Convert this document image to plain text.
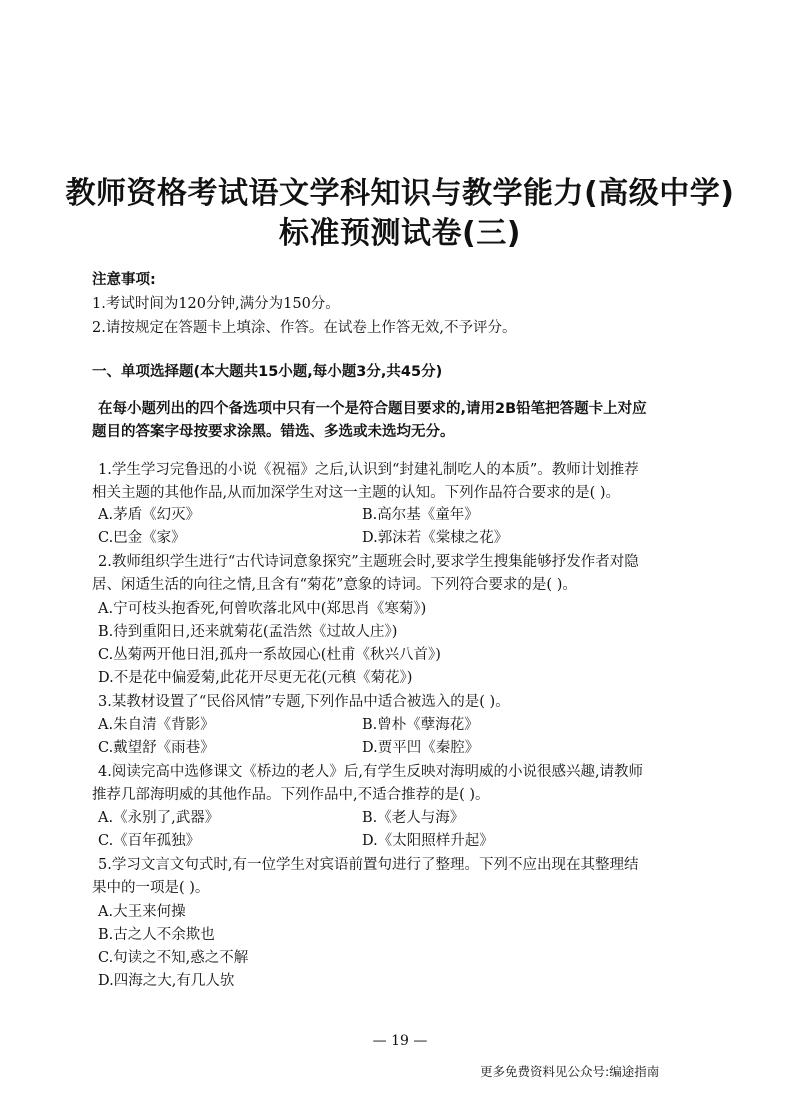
教师资格考试语文学科知识与教学能力(高级中学)
标准预测试卷(三)
注意事项:
1.考试时间为120分钟,满分为150分。
2.请按规定在答题卡上填涂、作答。在试卷上作答无效,不予评分。
一、单项选择题(本大题共15小题,每小题3分,共45分)
在每小题列出的四个备选项中只有一个是符合题目要求的,请用2B铅笔把答题卡上对应
题目的答案字母按要求涂黑。错选、多选或未选均无分。
1.学生学习完鲁迅的小说《祝福》之后,认识到“封建礼制吃人的本质”。教师计划推荐
相关主题的其他作品,从而加深学生对这一主题的认知。下列作品符合要求的是( )。
A.茅盾《幻灭》	B.高尔基《童年》
C.巴金《家》	D.郭沫若《棠棣之花》
2.教师组织学生进行“古代诗词意象探究”主题班会时,要求学生搜集能够抒发作者对隐
居、闲适生活的向往之情,且含有“菊花”意象的诗词。下列符合要求的是( )。
A.宁可枝头抱香死,何曾吹落北风中(郑思肖《寒菊》)
B.待到重阳日,还来就菊花(孟浩然《过故人庄》)
C.丛菊两开他日泪,孤舟一系故园心(杜甫《秋兴八首》)
D.不是花中偏爱菊,此花开尽更无花(元稹《菊花》)
3.某教材设置了“民俗风情”专题,下列作品中适合被选入的是( )。
A.朱自清《背影》	B.曾朴《孽海花》
C.戴望舒《雨巷》	D.贾平凹《秦腔》
4.阅读完高中选修课文《桥边的老人》后,有学生反映对海明威的小说很感兴趣,请教师
推荐几部海明威的其他作品。下列作品中,不适合推荐的是( )。
A.《永别了,武器》	B.《老人与海》
C.《百年孤独》	D.《太阳照样升起》
5.学习文言文句式时,有一位学生对宾语前置句进行了整理。下列不应出现在其整理结
果中的一项是( )。
A.大王来何操
B.古之人不余欺也
C.句读之不知,惑之不解
D.四海之大,有几人欤
— 19 —
更多免费资料见公众号:编途指南
